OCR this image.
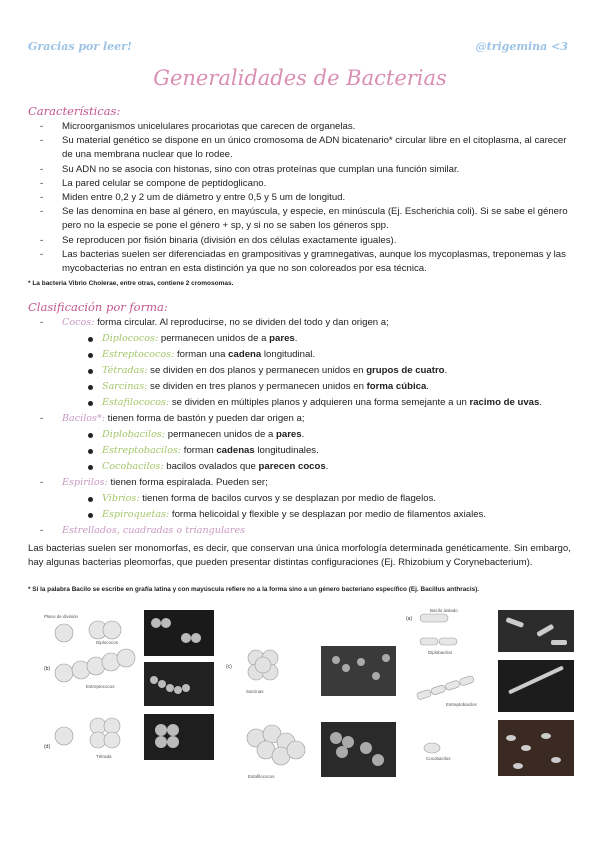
Gracias por leer!	@trigemina <3
Generalidades de Bacterias
Características:
- Microorganismos unicelulares procariotas que carecen de organelas.
- Su material genético se dispone en un único cromosoma de ADN bicatenario* circular libre en el citoplasma, al carecer de una membrana nuclear que lo rodee.
- Su ADN no se asocia con histonas, sino con otras proteínas que cumplan una función similar.
- La pared celular se compone de peptidoglicano.
- Miden entre 0,2 y 2 um de diámetro y entre 0,5 y 5 um de longitud.
- Se las denomina en base al género, en mayúscula, y especie, en minúscula (Ej. Escherichia coli). Si se sabe el género pero no la especie se pone el género + sp, y si no se saben los géneros spp.
- Se reproducen por fisión binaria (división en dos células exactamente iguales).
- Las bacterias suelen ser diferenciadas en grampositivas y gramnegativas, aunque los mycoplasmas, treponemas y las mycobacterias no entran en esta distinción ya que no son coloreados por esa técnica.
* La bacteria Vibrio Cholerae, entre otras, contiene 2 cromosomas.
Clasificación por forma:
- Cocos: forma circular. Al reproducirse, no se dividen del todo y dan origen a;
Diplococos: permanecen unidos de a pares.
Estreptococos: forman una cadena longitudinal.
Tétradas: se dividen en dos planos y permanecen unidos en grupos de cuatro.
Sarcinas: se dividen en tres planos y permanecen unidos en forma cúbica.
Estafilococos: se dividen en múltiples planos y adquieren una forma semejante a un racimo de uvas.
- Bacilos*: tienen forma de bastón y pueden dar origen a;
Diplobacilos: permanecen unidos de a pares.
Estreptobacilos: forman cadenas longitudinales.
Cocobacilos: bacilos ovalados que parecen cocos.
- Espirilos: tienen forma espiralada. Pueden ser;
Vibrios: tienen forma de bacilos curvos y se desplazan por medio de flagelos.
Espiroquetas: forma helicoidal y flexible y se desplazan por medio de filamentos axiales.
- Estrellados, cuadradas o triangulares
Las bacterias suelen ser monomorfas, es decir, que conservan una única morfología determinada genéticamente. Sin embargo, hay algunas bacterias pleomorfas, que pueden presentar distintas configuraciones (Ej. Rhizobium y Corynebacterium).
* Si la palabra Bacilo se escribe en grafía latina y con mayúscula refiere no a la forma sino a un género bacteriano específico (Ej. Bacillus anthracis).
Plano de división
Diplococos
Estreptococos
Tétrada
(b)
(d)
Sarcinas
Estafilococos
(c)
Bacilo aislado
Diplobacilos
Estreptobacilos
Cocobacilos
(a)
